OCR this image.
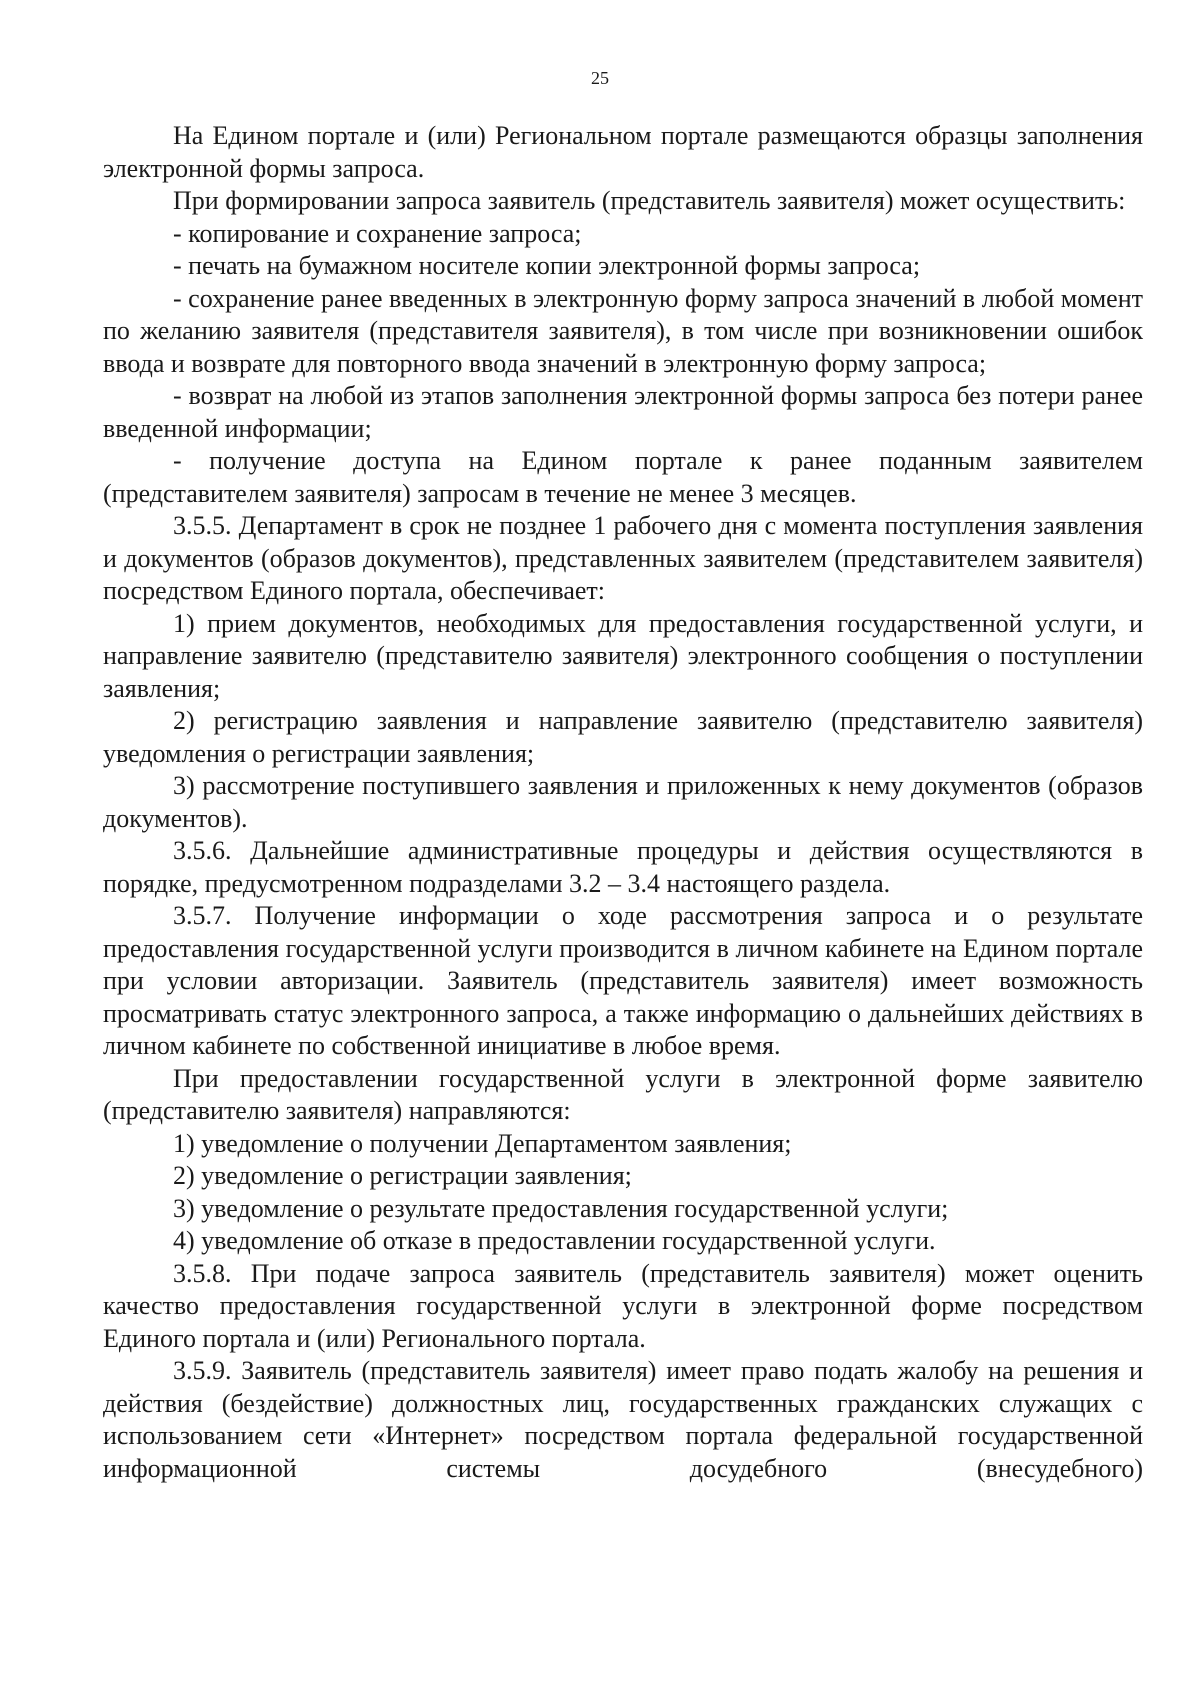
25

На Едином портале и (или) Региональном портале размещаются образцы заполнения электронной формы запроса.

При формировании запроса заявитель (представитель заявителя) может осуществить:

- копирование и сохранение запроса;

- печать на бумажном носителе копии электронной формы запроса;

- сохранение ранее введенных в электронную форму запроса значений в любой момент по желанию заявителя (представителя заявителя), в том числе при возникновении ошибок ввода и возврате для повторного ввода значений в электронную форму запроса;

- возврат на любой из этапов заполнения электронной формы запроса без потери ранее введенной информации;

- получение доступа на Едином портале к ранее поданным заявителем (представителем заявителя) запросам в течение не менее 3 месяцев.

3.5.5. Департамент в срок не позднее 1 рабочего дня с момента поступления заявления и документов (образов документов), представленных заявителем (представителем заявителя) посредством Единого портала, обеспечивает:

1) прием документов, необходимых для предоставления государственной услуги, и направление заявителю (представителю заявителя) электронного сообщения о поступлении заявления;

2) регистрацию заявления и направление заявителю (представителю заявителя) уведомления о регистрации заявления;

3) рассмотрение поступившего заявления и приложенных к нему документов (образов документов).

3.5.6. Дальнейшие административные процедуры и действия осуществляются в порядке, предусмотренном подразделами 3.2 – 3.4 настоящего раздела.

3.5.7. Получение информации о ходе рассмотрения запроса и о результате предоставления государственной услуги производится в личном кабинете на Едином портале при условии авторизации. Заявитель (представитель заявителя) имеет возможность просматривать статус электронного запроса, а также информацию о дальнейших действиях в личном кабинете по собственной инициативе в любое время.

При предоставлении государственной услуги в электронной форме заявителю (представителю заявителя) направляются:

1) уведомление о получении Департаментом заявления;

2) уведомление о регистрации заявления;

3) уведомление о результате предоставления государственной услуги;

4) уведомление об отказе в предоставлении государственной услуги.

3.5.8. При подаче запроса заявитель (представитель заявителя) может оценить качество предоставления государственной услуги в электронной форме посредством Единого портала и (или) Регионального портала.

3.5.9. Заявитель (представитель заявителя) имеет право подать жалобу на решения и действия (бездействие) должностных лиц, государственных гражданских служащих с использованием сети «Интернет» посредством портала федеральной государственной информационной системы досудебного (внесудебного)
